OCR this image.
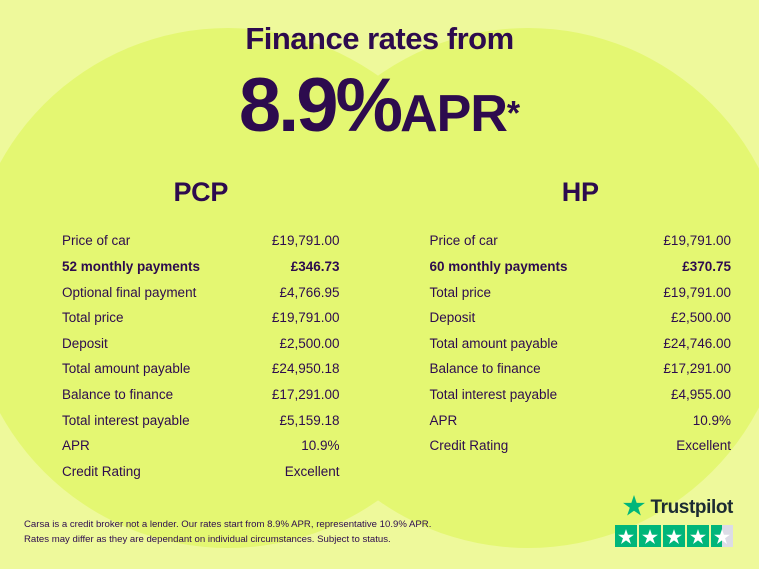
Finance rates from
8.9%APR*
PCP
Price of car	£19,791.00
52 monthly payments	£346.73
Optional final payment	£4,766.95
Total price	£19,791.00
Deposit	£2,500.00
Total amount payable	£24,950.18
Balance to finance	£17,291.00
Total interest payable	£5,159.18
APR	10.9%
Credit Rating	Excellent
HP
Price of car	£19,791.00
60 monthly payments	£370.75
Total price	£19,791.00
Deposit	£2,500.00
Total amount payable	£24,746.00
Balance to finance	£17,291.00
Total interest payable	£4,955.00
APR	10.9%
Credit Rating	Excellent
Carsa is a credit broker not a lender. Our rates start from 8.9% APR, representative 10.9% APR. Rates may differ as they are dependant on individual circumstances. Subject to status.
Trustpilot
